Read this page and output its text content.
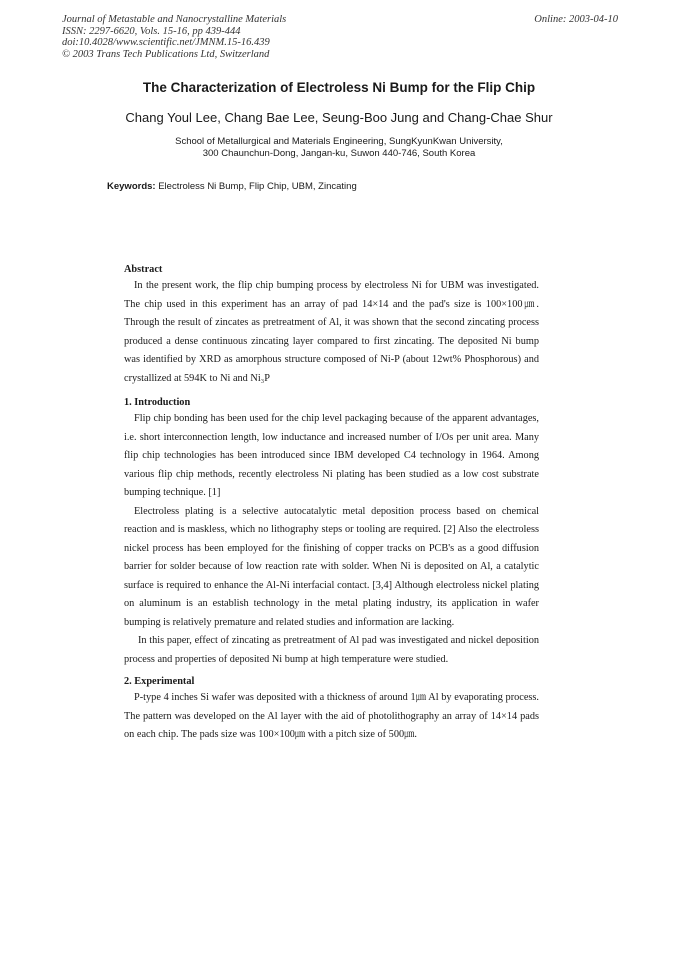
Journal of Metastable and Nanocrystalline Materials
ISSN: 2297-6620, Vols. 15-16, pp 439-444
doi:10.4028/www.scientific.net/JMNM.15-16.439
© 2003 Trans Tech Publications Ltd, Switzerland
Online: 2003-04-10
The Characterization of Electroless Ni Bump for the Flip Chip
Chang Youl Lee, Chang Bae Lee, Seung-Boo Jung and Chang-Chae Shur
School of Metallurgical and Materials Engineering, SungKyunKwan University,
300 Chaunchun-Dong, Jangan-ku, Suwon 440-746, South Korea
Keywords: Electroless Ni Bump, Flip Chip, UBM, Zincating
Abstract

In the present work, the flip chip bumping process by electroless Ni for UBM was investigated. The chip used in this experiment has an array of pad 14×14 and the pad's size is 100×100㎛. Through the result of zincates as pretreatment of Al, it was shown that the second zincating process produced a dense continuous zincating layer compared to first zincating. The deposited Ni bump was identified by XRD as amorphous structure composed of Ni-P (about 12wt% Phosphorous) and crystallized at 594K to Ni and Ni₃P

1. Introduction

Flip chip bonding has been used for the chip level packaging because of the apparent advantages, i.e. short interconnection length, low inductance and increased number of I/Os per unit area. Many flip chip technologies has been introduced since IBM developed C4 technology in 1964. Among various flip chip methods, recently electroless Ni plating has been studied as a low cost substrate bumping technique. [1]

Electroless plating is a selective autocatalytic metal deposition process based on chemical reaction and is maskless, which no lithography steps or tooling are required. [2] Also the electroless nickel process has been employed for the finishing of copper tracks on PCB's as a good diffusion barrier for solder because of low reaction rate with solder. When Ni is deposited on Al, a catalytic surface is required to enhance the Al-Ni interfacial contact. [3,4] Although electroless nickel plating on aluminum is an establish technology in the metal plating industry, its application in wafer bumping is relatively premature and related studies and information are lacking.

In this paper, effect of zincating as pretreatment of Al pad was investigated and nickel deposition process and properties of deposited Ni bump at high temperature were studied.

2. Experimental

P-type 4 inches Si wafer was deposited with a thickness of around 1㎛ Al by evaporating process. The pattern was developed on the Al layer with the aid of photolithography an array of 14×14 pads on each chip. The pads size was 100×100㎛ with a pitch size of 500㎛.
